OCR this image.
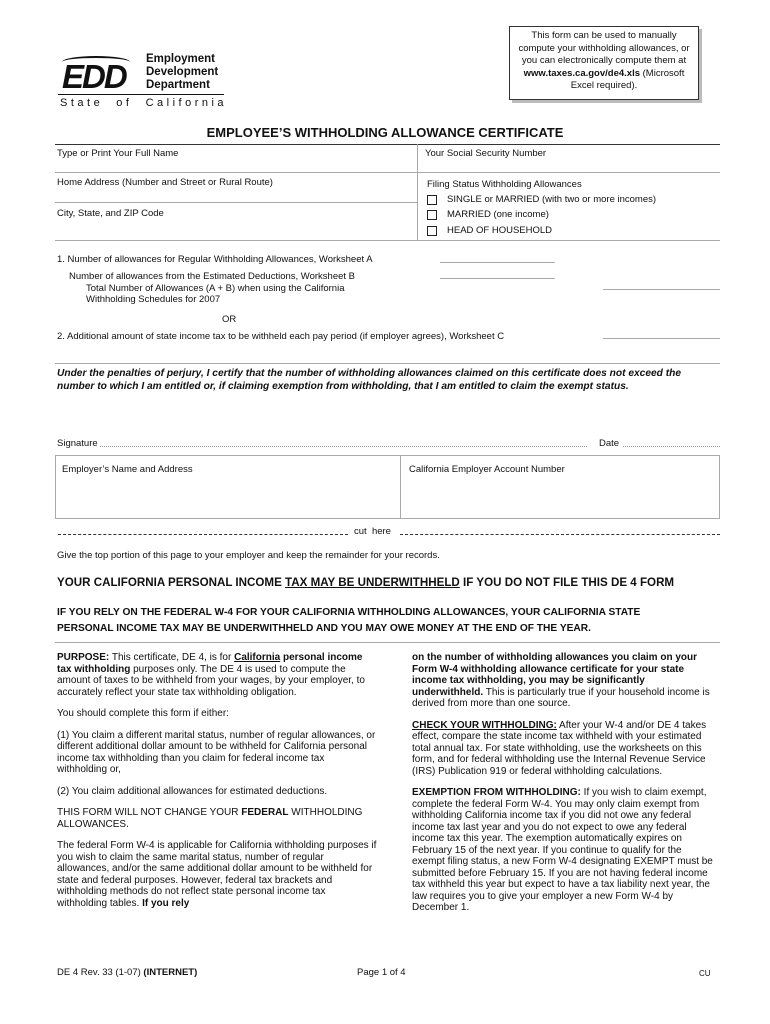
EDD Employment
Development
Department
State  of  California
This form can be used to manually
compute your withholding allowances, or
you can electronically compute them at
www.taxes.ca.gov/de4.xls (Microsoft
Excel required).
EMPLOYEE’S WITHHOLDING ALLOWANCE CERTIFICATE
Type or Print Your Full Name	Your Social Security Number
Home Address (Number and Street or Rural Route)
City, State, and ZIP Code
Filing Status Withholding Allowances
SINGLE or MARRIED (with two or more incomes)
MARRIED (one income)
HEAD OF HOUSEHOLD
1. Number of allowances for Regular Withholding Allowances, Worksheet A
Number of allowances from the Estimated Deductions, Worksheet B
Total Number of Allowances (A + B) when using the California
Withholding Schedules for 2007
OR
2. Additional amount of state income tax to be withheld each pay period (if employer agrees), Worksheet C
Under the penalties of perjury, I certify that the number of withholding allowances claimed on this certificate does not exceed the number to which I am entitled or, if claiming exemption from withholding, that I am entitled to claim the exempt status.
Signature	Date
Employer’s Name and Address	California Employer Account Number
cut  here
Give the top portion of this page to your employer and keep the remainder for your records.
YOUR CALIFORNIA PERSONAL INCOME TAX MAY BE UNDERWITHHELD IF YOU DO NOT FILE THIS DE 4 FORM
IF YOU RELY ON THE FEDERAL W-4 FOR YOUR CALIFORNIA WITHHOLDING ALLOWANCES, YOUR CALIFORNIA STATE
PERSONAL INCOME TAX MAY BE UNDERWITHHELD AND YOU MAY OWE MONEY AT THE END OF THE YEAR.

PURPOSE: This certificate, DE 4, is for California personal income tax withholding purposes only. The DE 4 is used to compute the amount of taxes to be withheld from your wages, by your employer, to accurately reflect your state tax withholding obligation.

You should complete this form if either:

(1) You claim a different marital status, number of regular allowances, or different additional dollar amount to be withheld for California personal income tax withholding than you claim for federal income tax withholding or,

(2) You claim additional allowances for estimated deductions.

THIS FORM WILL NOT CHANGE YOUR FEDERAL WITHHOLDING ALLOWANCES.

The federal Form W-4 is applicable for California withholding purposes if you wish to claim the same marital status, number of regular allowances, and/or the same additional dollar amount to be withheld for state and federal purposes. However, federal tax brackets and withholding methods do not reflect state personal income tax withholding tables. If you rely

on the number of withholding allowances you claim on your Form W-4 withholding allowance certificate for your state income tax withholding, you may be significantly underwithheld. This is particularly true if your household income is derived from more than one source.

CHECK YOUR WITHHOLDING: After your W-4 and/or DE 4 takes effect, compare the state income tax withheld with your estimated total annual tax. For state withholding, use the worksheets on this form, and for federal withholding use the Internal Revenue Service (IRS) Publication 919 or federal withholding calculations.

EXEMPTION FROM WITHHOLDING: If you wish to claim exempt, complete the federal Form W-4. You may only claim exempt from withholding California income tax if you did not owe any federal income tax last year and you do not expect to owe any federal income tax this year. The exemption automatically expires on February 15 of the next year. If you continue to qualify for the exempt filing status, a new Form W-4 designating EXEMPT must be submitted before February 15. If you are not having federal income tax withheld this year but expect to have a tax liability next year, the law requires you to give your employer a new Form W-4 by December 1.

DE 4 Rev. 33 (1-07) (INTERNET)	Page 1 of 4	CU
